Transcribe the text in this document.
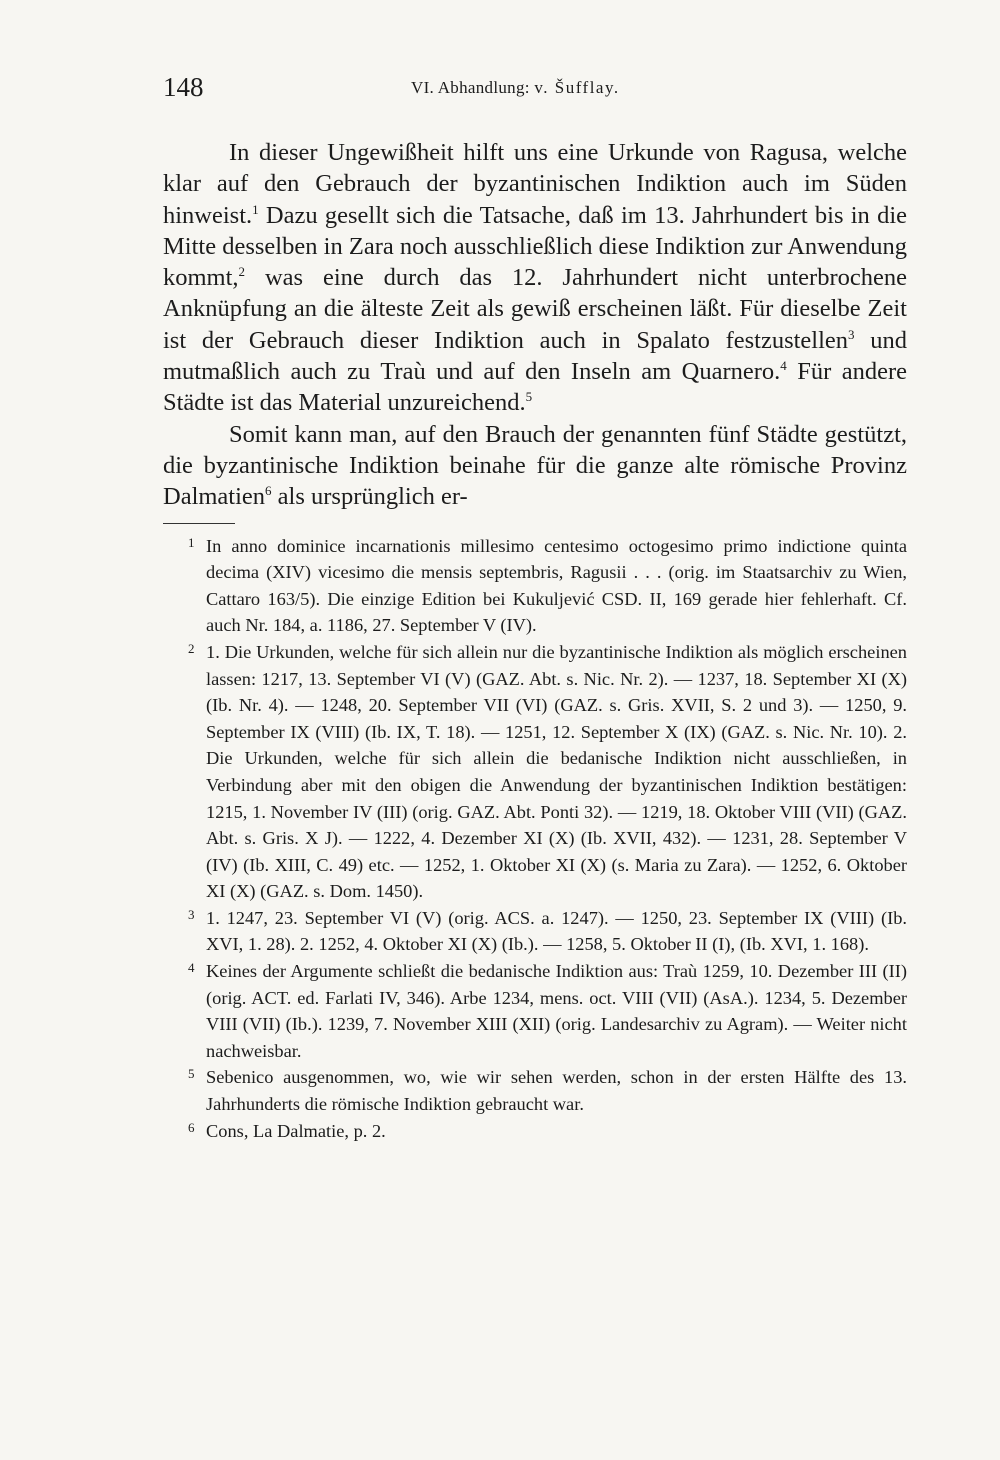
148	VI. Abhandlung: v. Šufflay.

In dieser Ungewißheit hilft uns eine Urkunde von Ragusa, welche klar auf den Gebrauch der byzantinischen Indiktion auch im Süden hinweist.$^1$ Dazu gesellt sich die Tatsache, daß im 13. Jahrhundert bis in die Mitte desselben in Zara noch ausschließlich diese Indiktion zur Anwendung kommt,$^2$ was eine durch das 12. Jahrhundert nicht unterbrochene Anknüpfung an die älteste Zeit als gewiß erscheinen läßt. Für dieselbe Zeit ist der Gebrauch dieser Indiktion auch in Spalato festzustellen$^3$ und mutmaßlich auch zu Traù und auf den Inseln am Quarnero.$^4$ Für andere Städte ist das Material unzureichend.$^5$

Somit kann man, auf den Brauch der genannten fünf Städte gestützt, die byzantinische Indiktion beinahe für die ganze alte römische Provinz Dalmatien$^6$ als ursprünglich er-

1 In anno dominice incarnationis millesimo centesimo octogesimo primo indictione quinta decima (XIV) vicesimo die mensis septembris, Ragusii . . . (orig. im Staatsarchiv zu Wien, Cattaro 163/5). Die einzige Edition bei Kukuljević CSD. II, 169 gerade hier fehlerhaft. Cf. auch Nr. 184, a. 1186, 27. September V (IV).
2 1. Die Urkunden, welche für sich allein nur die byzantinische Indiktion als möglich erscheinen lassen: 1217, 13. September VI (V) (GAZ. Abt. s. Nic. Nr. 2). — 1237, 18. September XI (X) (Ib. Nr. 4). — 1248, 20. September VII (VI) (GAZ. s. Gris. XVII, S. 2 und 3). — 1250, 9. September IX (VIII) (Ib. IX, T. 18). — 1251, 12. September X (IX) (GAZ. s. Nic. Nr. 10). 2. Die Urkunden, welche für sich allein die bedanische Indiktion nicht ausschließen, in Verbindung aber mit den obigen die Anwendung der byzantinischen Indiktion bestätigen: 1215, 1. November IV (III) (orig. GAZ. Abt. Ponti 32). — 1219, 18. Oktober VIII (VII) (GAZ. Abt. s. Gris. X J). — 1222, 4. Dezember XI (X) (Ib. XVII, 432). — 1231, 28. September V (IV) (Ib. XIII, C. 49) etc. — 1252, 1. Oktober XI (X) (s. Maria zu Zara). — 1252, 6. Oktober XI (X) (GAZ. s. Dom. 1450).
3 1. 1247, 23. September VI (V) (orig. ACS. a. 1247). — 1250, 23. September IX (VIII) (Ib. XVI, 1. 28). 2. 1252, 4. Oktober XI (X) (Ib.). — 1258, 5. Oktober II (I), (Ib. XVI, 1. 168).
4 Keines der Argumente schließt die bedanische Indiktion aus: Traù 1259, 10. Dezember III (II) (orig. ACT. ed. Farlati IV, 346). Arbe 1234, mens. oct. VIII (VII) (AsA.). 1234, 5. Dezember VIII (VII) (Ib.). 1239, 7. November XIII (XII) (orig. Landesarchiv zu Agram). — Weiter nicht nachweisbar.
5 Sebenico ausgenommen, wo, wie wir sehen werden, schon in der ersten Hälfte des 13. Jahrhunderts die römische Indiktion gebraucht war.
6 Cons, La Dalmatie, p. 2.
